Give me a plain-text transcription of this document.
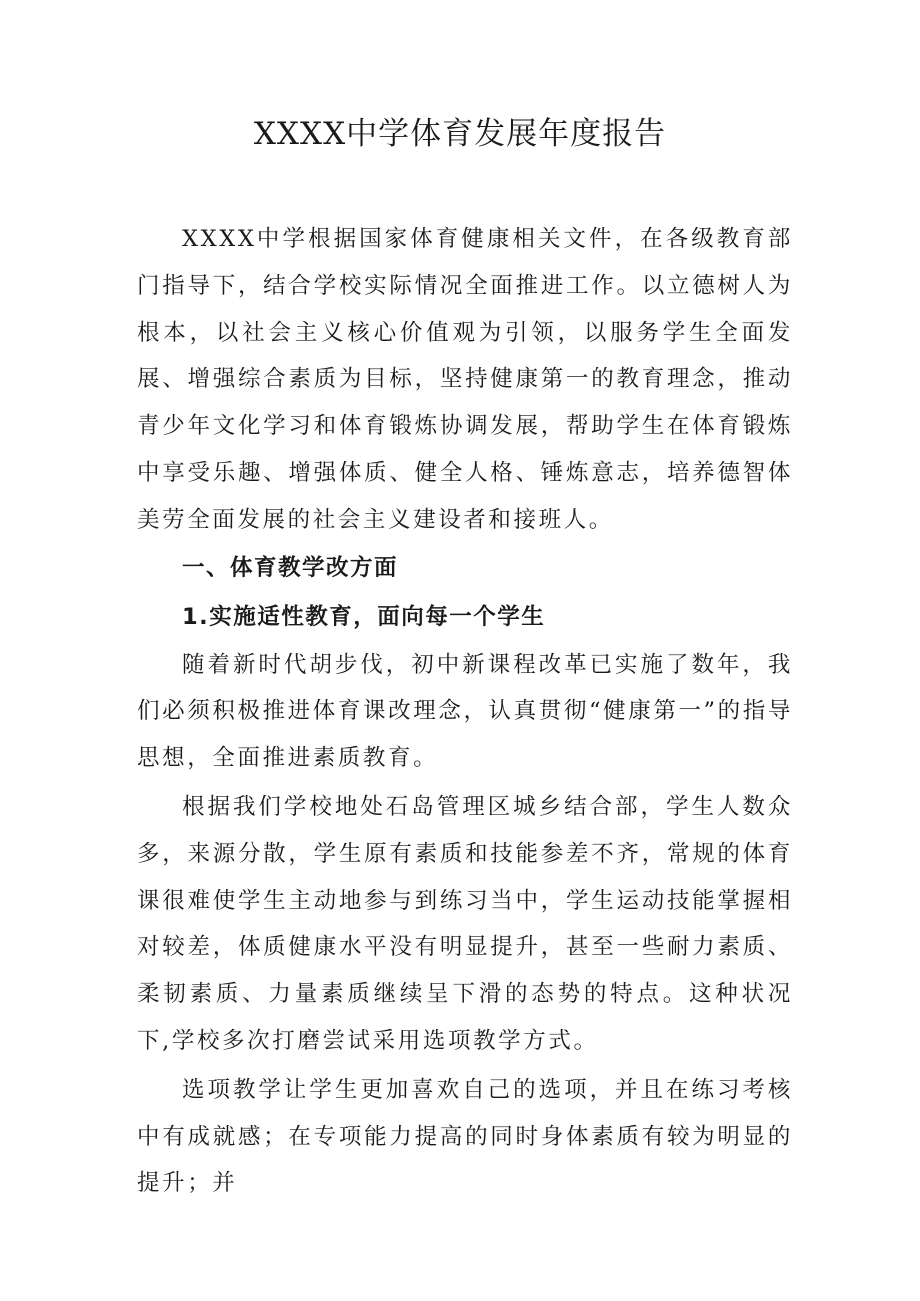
XXXX中学体育发展年度报告

XXXX中学根据国家体育健康相关文件，在各级教育部门指导下，结合学校实际情况全面推进工作。以立德树人为根本，以社会主义核心价值观为引领，以服务学生全面发展、增强综合素质为目标，坚持健康第一的教育理念，推动青少年文化学习和体育锻炼协调发展，帮助学生在体育锻炼中享受乐趣、增强体质、健全人格、锤炼意志，培养德智体美劳全面发展的社会主义建设者和接班人。

一、体育教学改方面

1.实施适性教育，面向每一个学生

随着新时代胡步伐，初中新课程改革已实施了数年，我们必须积极推进体育课改理念，认真贯彻“健康第一”的指导思想，全面推进素质教育。

根据我们学校地处石岛管理区城乡结合部，学生人数众多，来源分散，学生原有素质和技能参差不齐，常规的体育课很难使学生主动地参与到练习当中，学生运动技能掌握相对较差，体质健康水平没有明显提升，甚至一些耐力素质、柔韧素质、力量素质继续呈下滑的态势的特点。这种状况下,学校多次打磨尝试采用选项教学方式。

选项教学让学生更加喜欢自己的选项，并且在练习考核中有成就感；在专项能力提高的同时身体素质有较为明显的提升；并
